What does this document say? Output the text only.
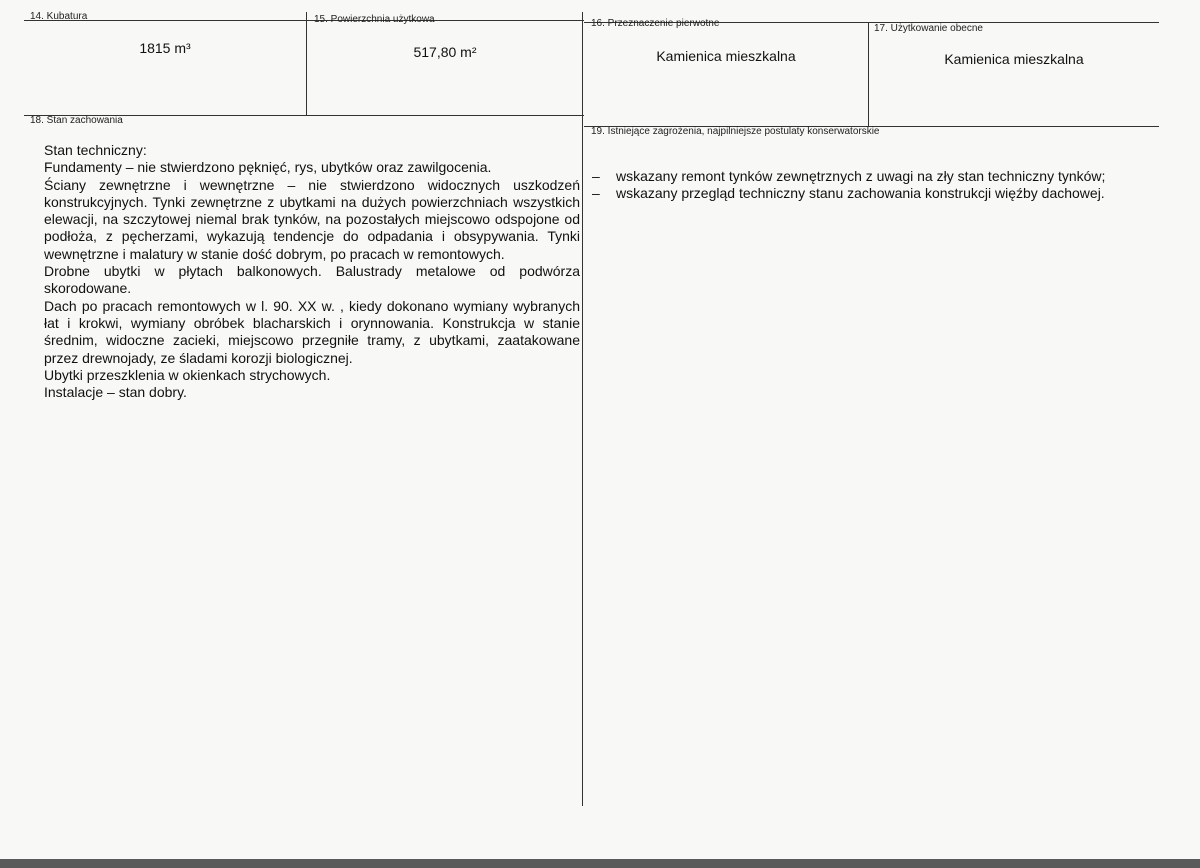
14. Kubatura
1815 m³
15. Powierzchnia użytkowa
517,80 m²
16. Przeznaczenie pierwotne
Kamienica mieszkalna
17. Użytkowanie obecne
Kamienica mieszkalna
18. Stan zachowania

Stan techniczny:

Fundamenty – nie stwierdzono pęknięć, rys, ubytków oraz zawilgocenia.

Ściany zewnętrzne i wewnętrzne – nie stwierdzono widocznych uszkodzeń konstrukcyjnych. Tynki zewnętrzne z ubytkami na dużych powierzchniach wszystkich elewacji, na szczytowej niemal brak tynków, na pozostałych miejscowo odspojone od podłoża, z pęcherzami, wykazują tendencje do odpadania i obsypywania. Tynki wewnętrzne i malatury w stanie dość dobrym, po pracach w remontowych.

Drobne ubytki w płytach balkonowych. Balustrady metalowe od podwórza skorodowane.

Dach po pracach remontowych w l. 90. XX w. , kiedy dokonano wymiany wybranych łat i krokwi, wymiany obróbek blacharskich i orynnowania. Konstrukcja w stanie średnim, widoczne zacieki, miejscowo przegniłe tramy, z ubytkami, zaatakowane przez drewnojady, ze śladami korozji biologicznej.

Ubytki przeszklenia w okienkach strychowych.

Instalacje – stan dobry.

19. Istniejące zagrożenia, najpilniejsze postulaty konserwatorskie
– wskazany remont tynków zewnętrznych z uwagi na zły stan techniczny tynków;
– wskazany przegląd techniczny stanu zachowania konstrukcji więźby dachowej.
